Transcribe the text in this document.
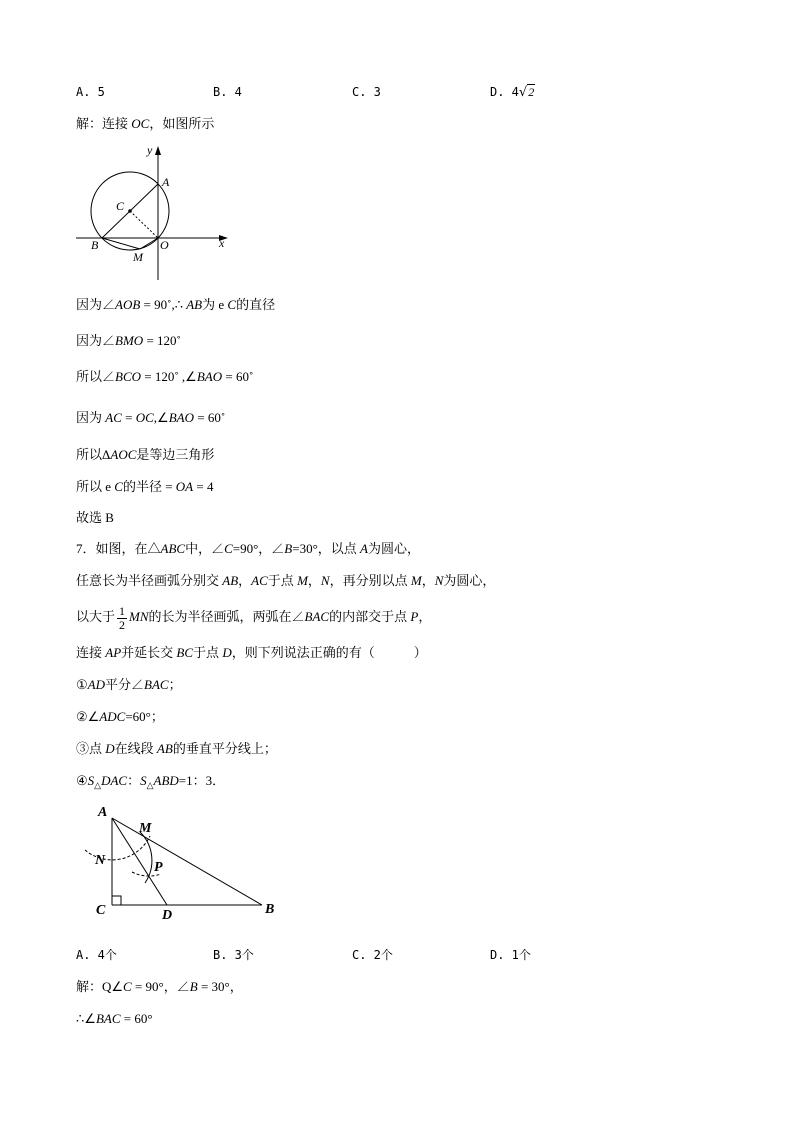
A. 5	B. 4	C. 3	D. 4√2
解：连接 OC，如图所示
y
x
A
C
B	O
M
因为∠AOB = 90˚,∴ AB为 e C的直径
因为∠BMO = 120˚
所以∠BCO = 120˚ ,∠BAO = 60˚
因为 AC = OC,∠BAO = 60˚
所以ΔAOC是等边三角形
所以 e C的半径 = OA = 4
故选 B
7．如图，在△ABC中，∠C=90°，∠B=30°，以点 A为圆心，
任意长为半径画弧分别交 AB，AC于点 M，N，再分别以点 M，N为圆心，
以大于 $\frac{1}{2}$ MN的长为半径画弧，两弧在∠BAC的内部交于点 P，
连接 AP并延长交 BC于点 D，则下列说法正确的有（　　　）
①AD平分∠BAC；
②∠ADC=60°；
③点 D在线段 AB的垂直平分线上；
$④S_\triangle DAC$：$S_\triangle ABD=1$：3．
A
M
N	P
C	D	B
A. 4个	B. 3个	C. 2个	D. 1个
解：Q∠C = 90°，∠B = 30°，
∴∠BAC = 60°
